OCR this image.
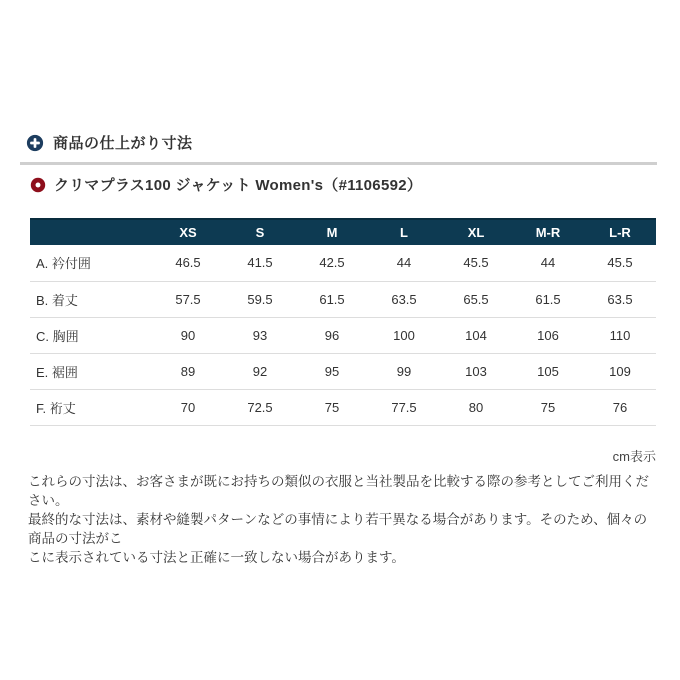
商品の仕上がり寸法
クリマプラス100 ジャケット Women's（#1106592）
	XS	S	M	L	XL	M-R	L-R
A. 衿付囲	46.5	41.5	42.5	44	45.5	44	45.5
B. 着丈	57.5	59.5	61.5	63.5	65.5	61.5	63.5
C. 胸囲	90	93	96	100	104	106	110
E. 裾囲	89	92	95	99	103	105	109
F. 裄丈	70	72.5	75	77.5	80	75	76
cm表示
これらの寸法は、お客さまが既にお持ちの類似の衣服と当社製品を比較する際の参考としてご利用ください。
最終的な寸法は、素材や縫製パターンなどの事情により若干異なる場合があります。そのため、個々の商品の寸法がこ
こに表示されている寸法と正確に一致しない場合があります。
